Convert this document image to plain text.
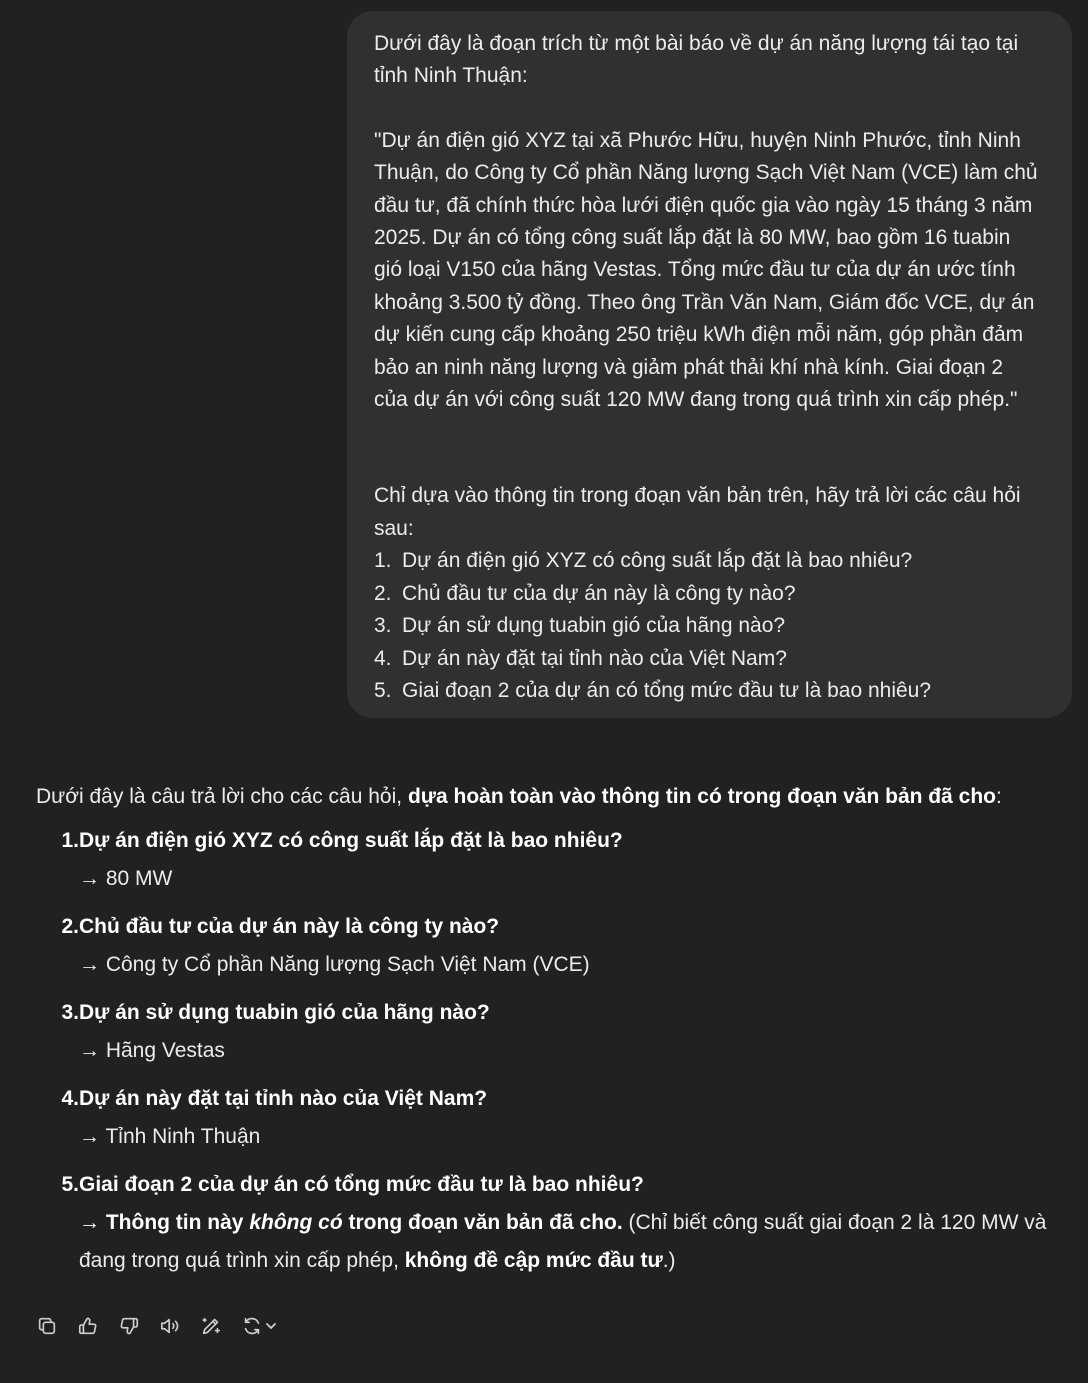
Dưới đây là đoạn trích từ một bài báo về dự án năng lượng tái tạo tại

tỉnh Ninh Thuận:

"Dự án điện gió XYZ tại xã Phước Hữu, huyện Ninh Phước, tỉnh Ninh

Thuận, do Công ty Cổ phần Năng lượng Sạch Việt Nam (VCE) làm chủ

đầu tư, đã chính thức hòa lưới điện quốc gia vào ngày 15 tháng 3 năm

2025. Dự án có tổng công suất lắp đặt là 80 MW, bao gồm 16 tuabin

gió loại V150 của hãng Vestas. Tổng mức đầu tư của dự án ước tính

khoảng 3.500 tỷ đồng. Theo ông Trần Văn Nam, Giám đốc VCE, dự án

dự kiến cung cấp khoảng 250 triệu kWh điện mỗi năm, góp phần đảm

bảo an ninh năng lượng và giảm phát thải khí nhà kính. Giai đoạn 2

của dự án với công suất 120 MW đang trong quá trình xin cấp phép."

Chỉ dựa vào thông tin trong đoạn văn bản trên, hãy trả lời các câu hỏi

sau:

1. Dự án điện gió XYZ có công suất lắp đặt là bao nhiêu?
2. Chủ đầu tư của dự án này là công ty nào?
3. Dự án sử dụng tuabin gió của hãng nào?
4. Dự án này đặt tại tỉnh nào của Việt Nam?
5. Giai đoạn 2 của dự án có tổng mức đầu tư là bao nhiêu?

Dưới đây là câu trả lời cho các câu hỏi, dựa hoàn toàn vào thông tin có trong đoạn văn bản đã cho:

1. Dự án điện gió XYZ có công suất lắp đặt là bao nhiêu?
→ 80 MW
2. Chủ đầu tư của dự án này là công ty nào?
→ Công ty Cổ phần Năng lượng Sạch Việt Nam (VCE)
3. Dự án sử dụng tuabin gió của hãng nào?
→ Hãng Vestas
4. Dự án này đặt tại tỉnh nào của Việt Nam?
→ Tỉnh Ninh Thuận
5. Giai đoạn 2 của dự án có tổng mức đầu tư là bao nhiêu?
→ Thông tin này không có trong đoạn văn bản đã cho. (Chỉ biết công suất giai đoạn 2 là 120 MW và
đang trong quá trình xin cấp phép, không đề cập mức đầu tư.)
